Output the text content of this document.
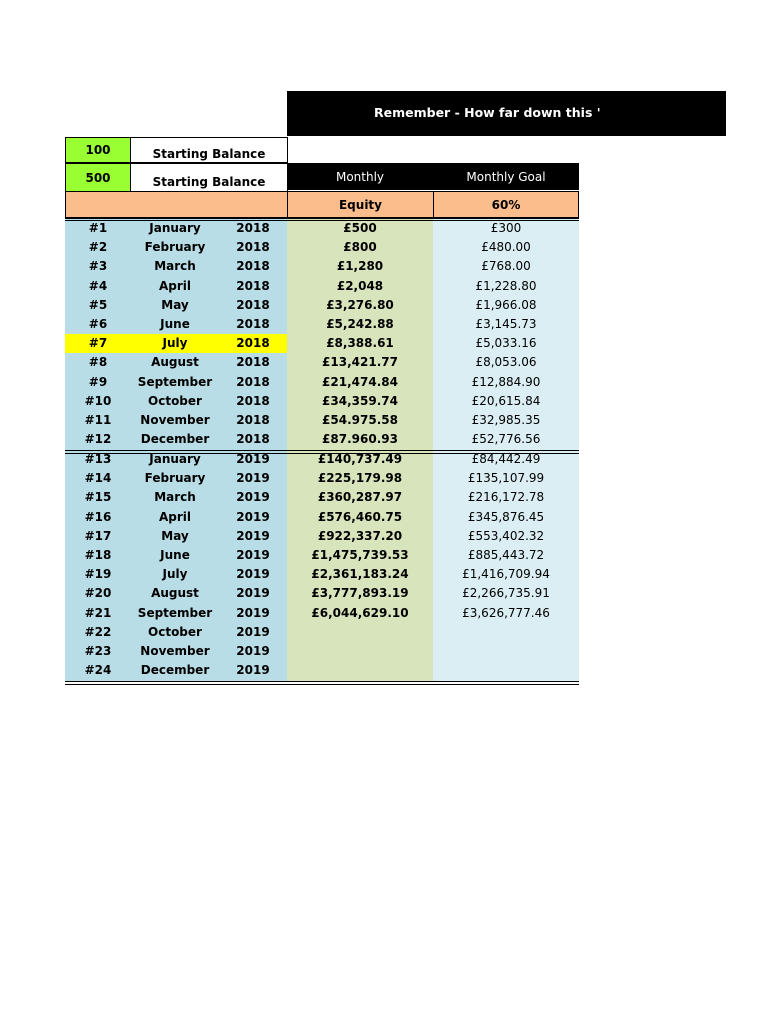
Remember - How far down this '
100	Starting Balance
500	Starting Balance	Monthly	Monthly Goal
Equity	60%
#1	January	2018	£500	£300
#2	February	2018	£800	£480.00
#3	March	2018	£1,280	£768.00
#4	April	2018	£2,048	£1,228.80
#5	May	2018	£3,276.80	£1,966.08
#6	June	2018	£5,242.88	£3,145.73
#7	July	2018	£8,388.61	£5,033.16
#8	August	2018	£13,421.77	£8,053.06
#9	September	2018	£21,474.84	£12,884.90
#10	October	2018	£34,359.74	£20,615.84
#11	November	2018	£54.975.58	£32,985.35
#12	December	2018	£87.960.93	£52,776.56
#13	January	2019	£140,737.49	£84,442.49
#14	February	2019	£225,179.98	£135,107.99
#15	March	2019	£360,287.97	£216,172.78
#16	April	2019	£576,460.75	£345,876.45
#17	May	2019	£922,337.20	£553,402.32
#18	June	2019	£1,475,739.53	£885,443.72
#19	July	2019	£2,361,183.24	£1,416,709.94
#20	August	2019	£3,777,893.19	£2,266,735.91
#21	September	2019	£6,044,629.10	£3,626,777.46
#22	October	2019
#23	November	2019
#24	December	2019
